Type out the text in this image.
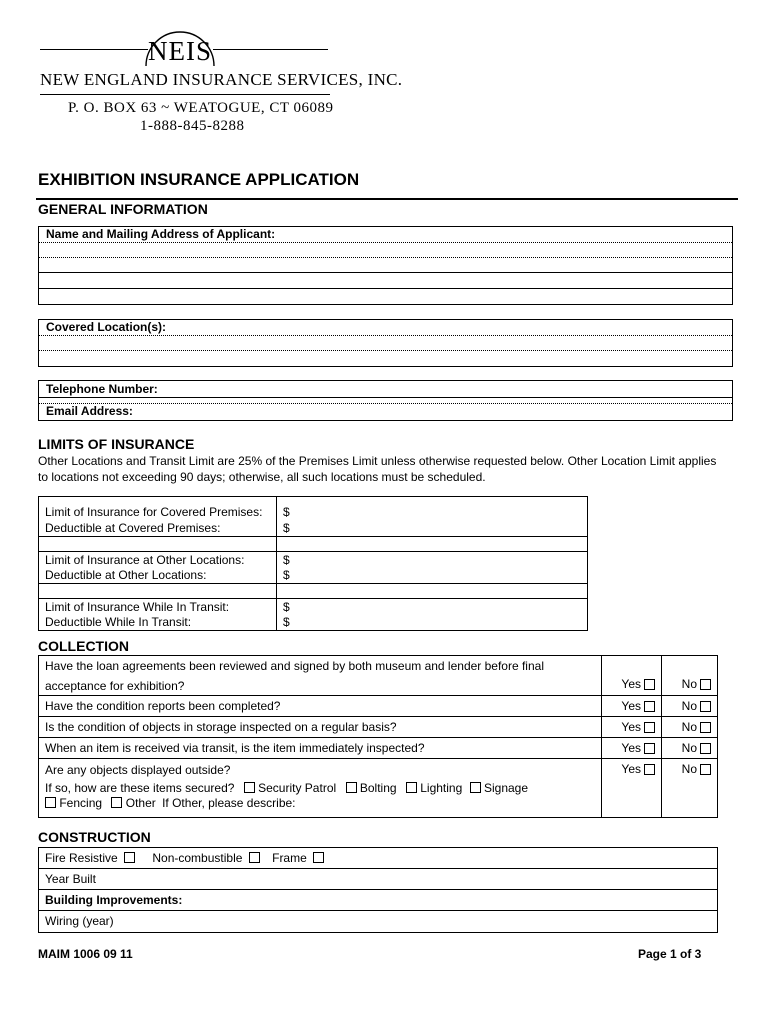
NEIS
NEW ENGLAND INSURANCE SERVICES, INC.
P. O. BOX 63 ~ WEATOGUE, CT 06089
1-888-845-8288
EXHIBITION INSURANCE APPLICATION
GENERAL INFORMATION
Name and Mailing Address of Applicant:
Covered Location(s):
Telephone Number:
Email Address:
LIMITS OF INSURANCE
Other Locations and Transit Limit are 25% of the Premises Limit unless otherwise requested below. Other Location Limit applies to locations not exceeding 90 days; otherwise, all such locations must be scheduled.
Limit of Insurance for Covered Premises:	$
Deductible at Covered Premises:	$
Limit of Insurance at Other Locations:	$
Deductible at Other Locations:	$
Limit of Insurance While In Transit:	$
Deductible While In Transit:	$
COLLECTION
Have the loan agreements been reviewed and signed by both museum and lender before final
acceptance for exhibition?	Yes	No
Have the condition reports been completed?	Yes	No
Is the condition of objects in storage inspected on a regular basis?	Yes	No
When an item is received via transit, is the item immediately inspected?	Yes	No
Are any objects displayed outside?
If so, how are these items secured? Security Patrol Bolting Lighting Signage
Fencing Other If Other, please describe:
Yes	No
CONSTRUCTION
Fire Resistive	Non-combustible Frame
Year Built
Building Improvements:
Wiring (year)
MAIM 1006 09 11	Page 1 of 3
